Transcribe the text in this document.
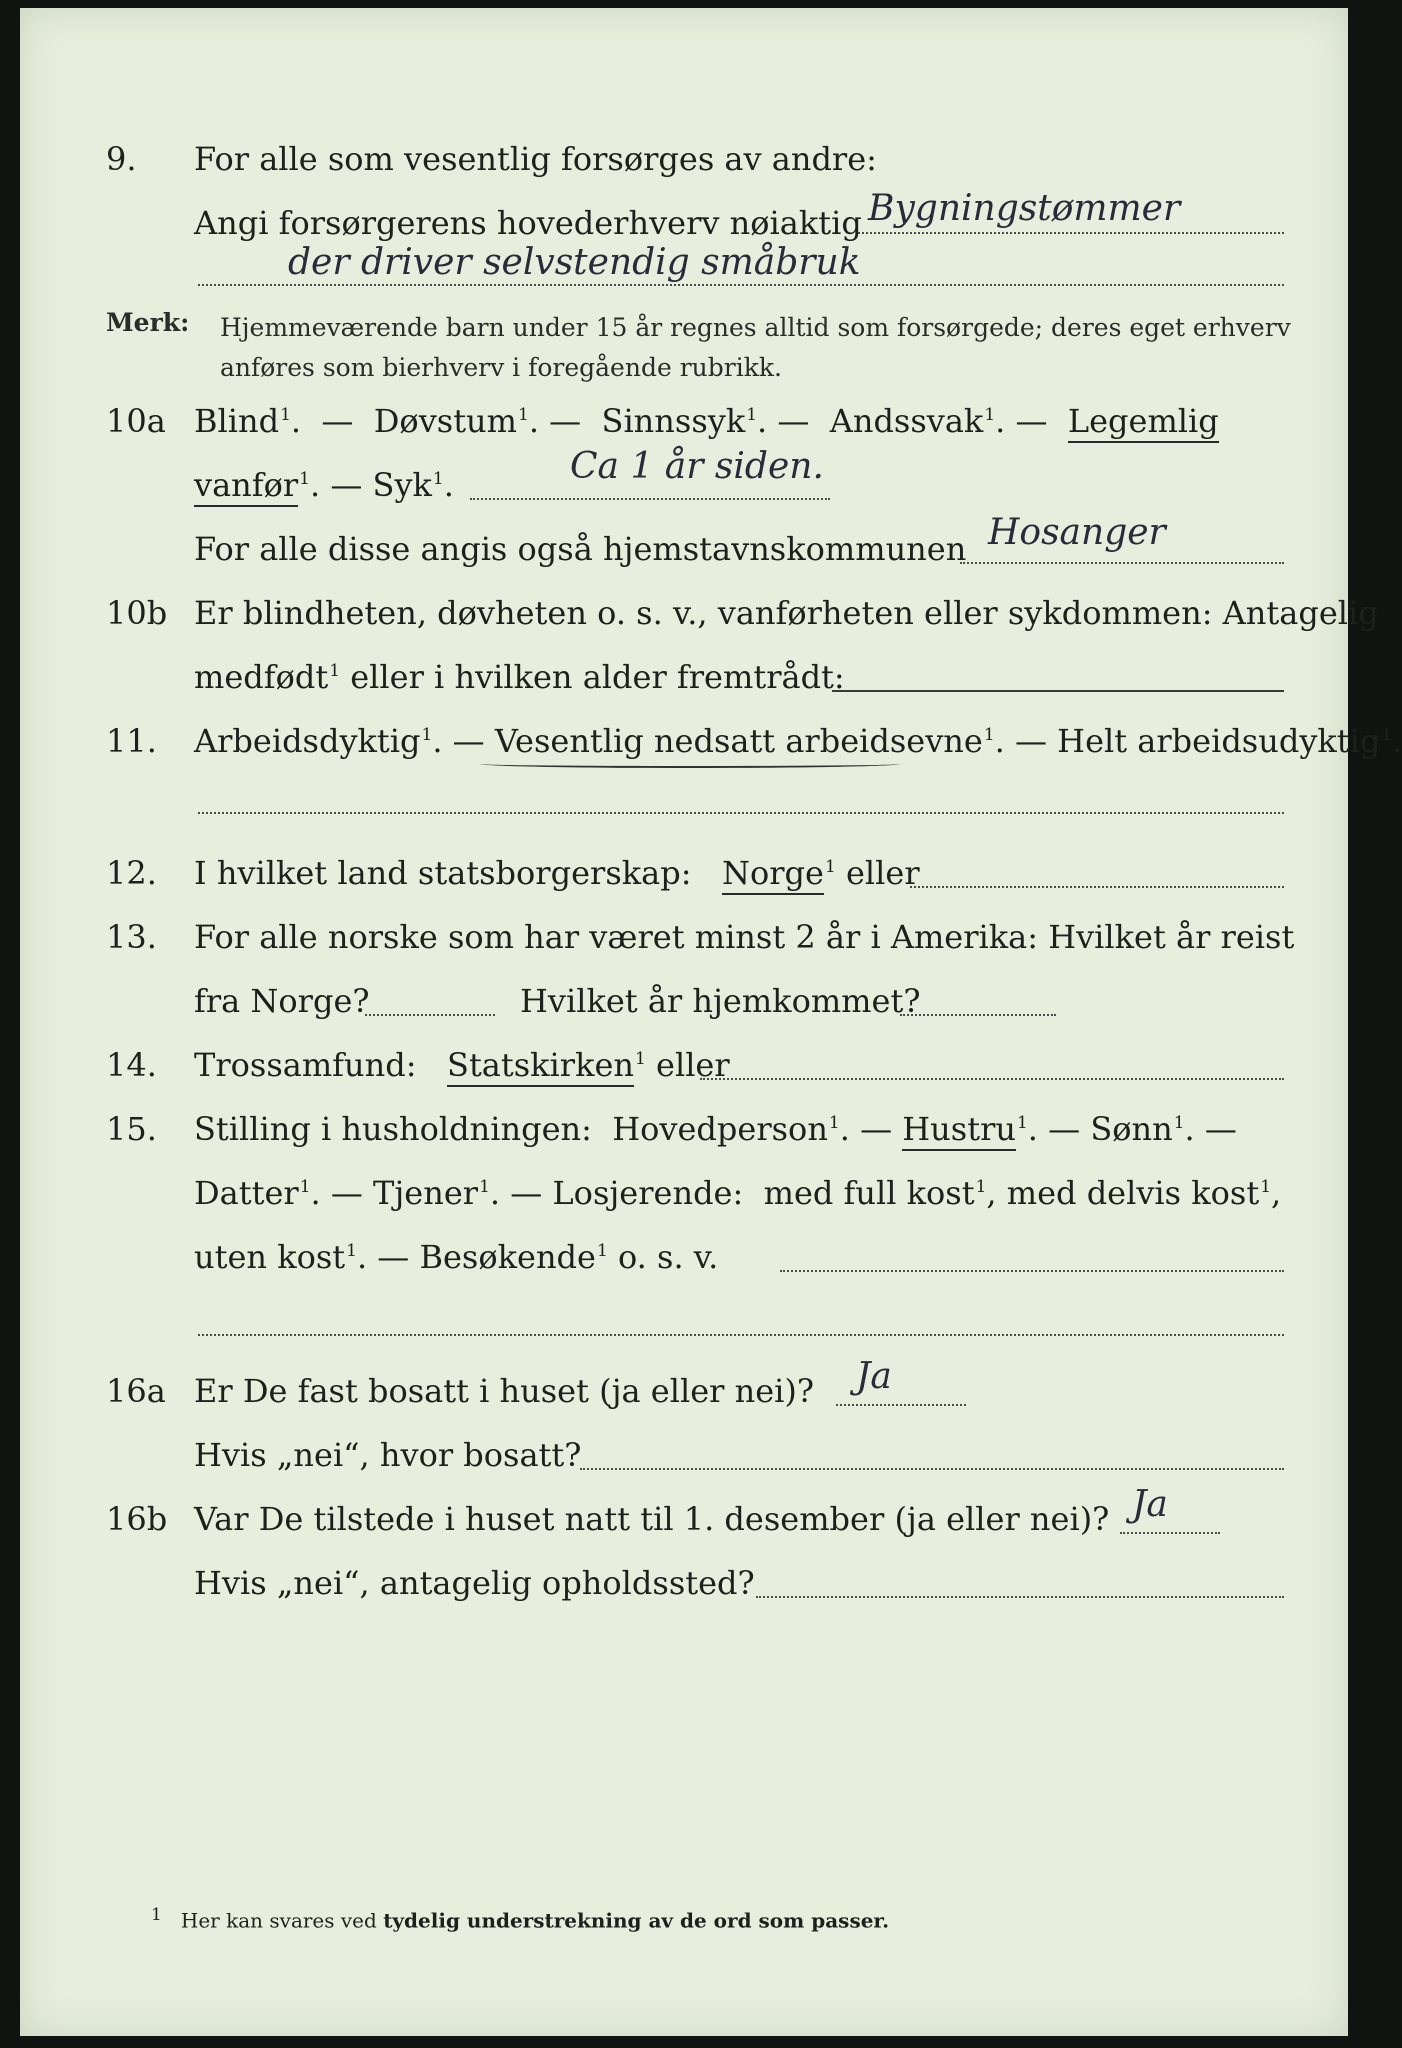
9. For alle som vesentlig forsørges av andre:
Angi forsørgerens hovederhverv nøiaktig Bygningstømmer
der driver selvstendig småbruk
Merk: Hjemmeværende barn under 15 år regnes alltid som forsørgede; deres eget erhverv
anføres som bierhverv i foregående rubrikk.
10a Blind$^1$.  —  Døvstum$^1$. —  Sinnssyk$^1$. —  Andssvak$^1$. —  Legemlig
vanfør$^1$. — Syk$^1$.	Ca 1 år siden.
For alle disse angis også hjemstavnskommunen Hosanger
10b Er blindheten, døvheten o. s. v., vanførheten eller sykdommen: Antagelig
medfødt$^1$ eller i hvilken alder fremtrådt:
11. Arbeidsdyktig$^1$. — Vesentlig nedsatt arbeidsevne$^1$. — Helt arbeidsudyktig$^1$.
12. I hvilket land statsborgerskap: Norge$^1$ eller
13. For alle norske som har været minst 2 år i Amerika: Hvilket år reist
fra Norge?	Hvilket år hjemkommet?
14. Trossamfund: Statskirken$^1$ eller
15. Stilling i husholdningen: Hovedperson$^1$. — Hustru$^1$. — Sønn$^1$. —
Datter$^1$. — Tjener$^1$. — Losjerende: med full kost$^1$, med delvis kost$^1$,
uten kost$^1$. — Besøkende$^1$ o. s. v.
16a Er De fast bosatt i huset (ja eller nei)? Ja
Hvis „nei“, hvor bosatt?
16b Var De tilstede i huset natt til 1. desember (ja eller nei)? Ja
Hvis „nei“, antagelig opholdssted?
$^1$ Her kan svares ved tydelig understrekning av de ord som passer.
